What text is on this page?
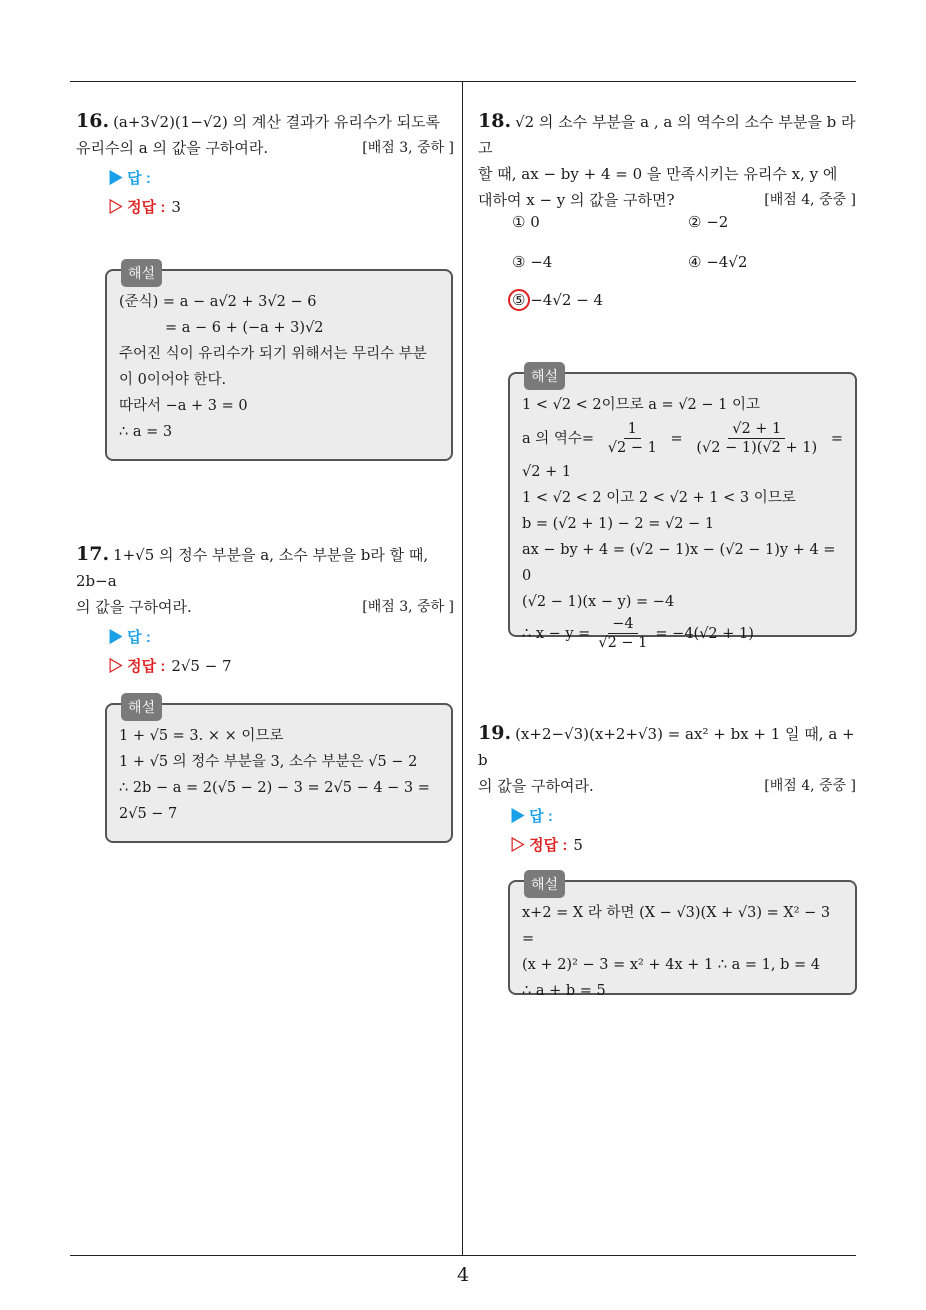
4
16. (a+3√2)(1−√2) 의 계산 결과가 유리수가 되도록
유리수의 a 의 값을 구하여라.	[배점 3, 중하 ]
▶ 답 :
▷ 정답 : 3
해설
(준식) = a − a√2 + 3√2 − 6
= a − 6 + (−a + 3)√2
주어진 식이 유리수가 되기 위해서는 무리수 부분
이 0이어야 한다.
따라서 −a + 3 = 0
∴ a = 3
17. 1+√5 의 정수 부분을 a, 소수 부분을 b라 할 때, 2b−a
의 값을 구하여라.	[배점 3, 중하 ]
▶ 답 :
▷ 정답 : 2√5 − 7
해설
1 + √5 = 3. × × 이므로
1 + √5 의 정수 부분을 3, 소수 부분은 √5 − 2
∴ 2b − a = 2(√5 − 2) − 3 = 2√5 − 4 − 3 =
2√5 − 7
18. √2 의 소수 부분을 a , a 의 역수의 소수 부분을 b 라고
할 때, ax − by + 4 = 0 을 만족시키는 유리수 x, y 에
대하여 x − y 의 값을 구하면?	[배점 4, 중중 ]
① 0	② −2
③ −4	④ −4√2
⑤ −4√2 − 4
해설
1 < √2 < 2이므로 a = √2 − 1 이고
a 의 역수= $\frac{1}{√2 - 1} = \frac{√2 + 1}{(√2 - 1)(√2 + 1)}$ =
√2 + 1
1 < √2 < 2 이고 2 < √2 + 1 < 3 이므로
b = (√2 + 1) − 2 = √2 − 1
ax − by + 4 = (√2 − 1)x − (√2 − 1)y + 4 = 0
(√2 − 1)(x − y) = −4
∴ $x - y = \frac{-4}{√2 - 1} = -4(√2 + 1)$
19. (x+2−√3)(x+2+√3) = ax² + bx + 1 일 때, a + b
의 값을 구하여라.	[배점 4, 중중 ]
▶ 답 :
▷ 정답 : 5
해설
x+2 = X 라 하면 (X − √3)(X + √3) = X² − 3 =
(x + 2)² − 3 = x² + 4x + 1 ∴ a = 1, b = 4
∴ a + b = 5
